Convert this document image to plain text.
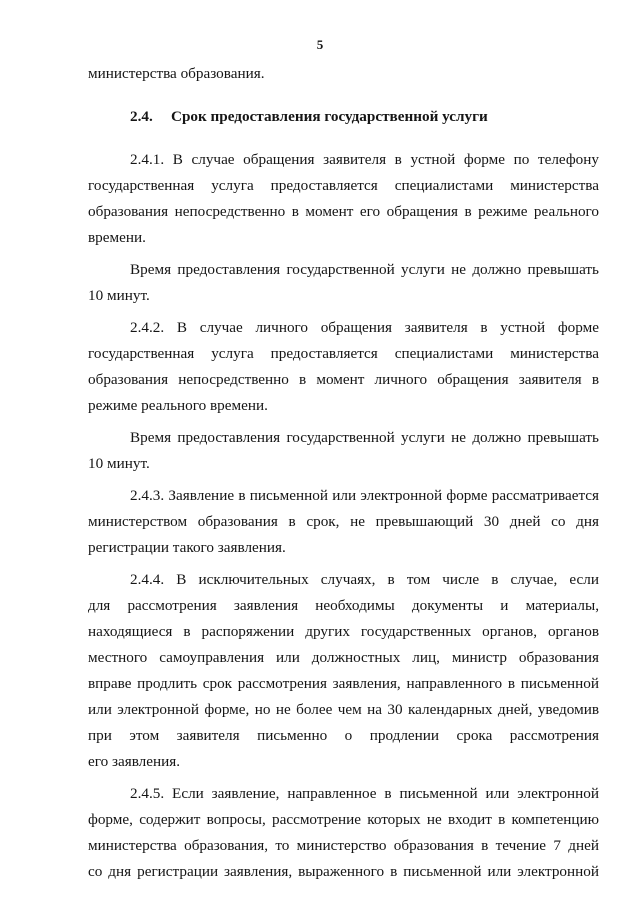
5
министерства образования.
2.4. Срок предоставления государственной услуги
2.4.1. В случае обращения заявителя в устной форме по телефону
государственная услуга предоставляется специалистами министерства
образования непосредственно в момент его обращения в режиме реального
времени.
Время предоставления государственной услуги не должно превышать
10 минут.
2.4.2. В случае личного обращения заявителя в устной форме
государственная услуга предоставляется специалистами министерства
образования непосредственно в момент личного обращения заявителя в
режиме реального времени.
Время предоставления государственной услуги не должно превышать
10 минут.
2.4.3. Заявление в письменной или электронной форме рассматривается
министерством образования в срок, не превышающий 30 дней со дня
регистрации такого заявления.
2.4.4. В исключительных случаях, в том числе в случае, если
для рассмотрения заявления необходимы документы и материалы,
находящиеся в распоряжении других государственных органов, органов
местного самоуправления или должностных лиц, министр образования
вправе продлить срок рассмотрения заявления, направленного в письменной
или электронной форме, но не более чем на 30 календарных дней, уведомив
при этом заявителя письменно о продлении срока рассмотрения
его заявления.
2.4.5. Если заявление, направленное в письменной или электронной
форме, содержит вопросы, рассмотрение которых не входит в компетенцию
министерства образования, то министерство образования в течение 7 дней
со дня регистрации заявления, выраженного в письменной или электронной
